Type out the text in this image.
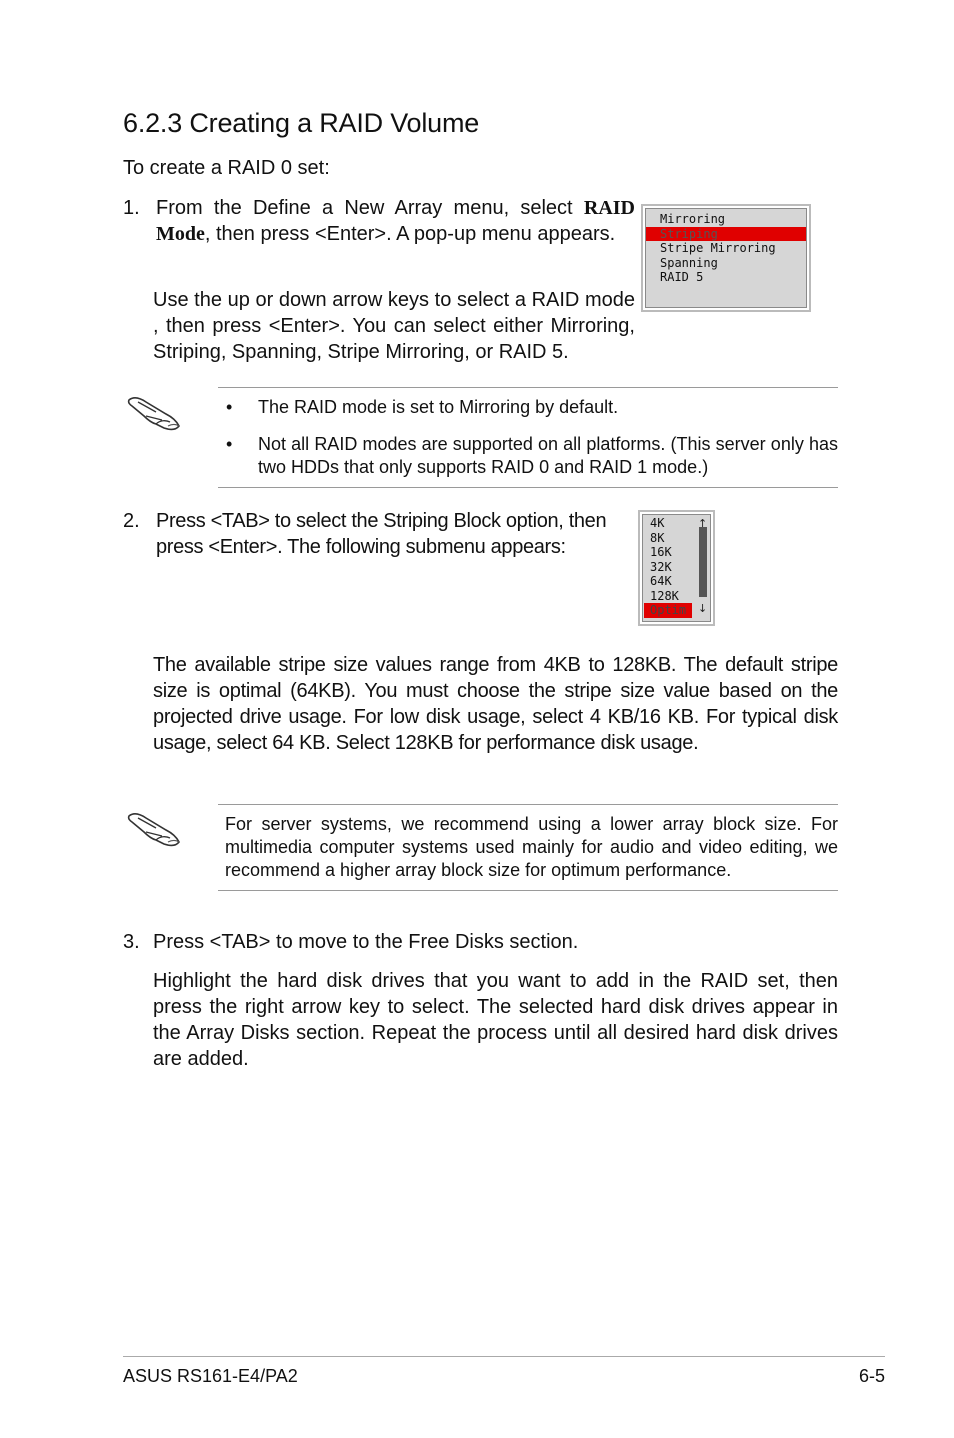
6.2.3 Creating a RAID Volume

To create a RAID 0 set:

1. From the Define a New Array menu, select RAID Mode, then press <Enter>. A pop-up menu appears.

Use the up or down arrow keys to select a RAID mode , then press <Enter>. You can select either Mirroring, Striping, Spanning, Stripe Mirroring, or RAID 5.

Mirroring
Striping
Stripe Mirroring
Spanning
RAID 5
• The RAID mode is set to Mirroring by default.
• Not all RAID modes are supported on all platforms. (This server only has two HDDs that only supports RAID 0 and RAID 1 mode.)
2. Press <TAB> to select the Striping Block option, then press <Enter>. The following submenu appears:

4K
8K
16K
32K
64K
128K
Optim
↑
↓

The available stripe size values range from 4KB to 128KB. The default stripe size is optimal (64KB). You must choose the stripe size value based on the projected drive usage. For low disk usage, select 4 KB/16 KB. For typical disk usage, select 64 KB. Select 128KB for performance disk usage.

For server systems, we recommend using a lower array block size. For multimedia computer systems used mainly for audio and video editing, we recommend a higher array block size for optimum performance.

3. Press <TAB> to move to the Free Disks section.

Highlight the hard disk drives that you want to add in the RAID set, then press the right arrow key to select. The selected hard disk drives appear in the Array Disks section. Repeat the process until all desired hard disk drives are added.

ASUS RS161-E4/PA2	6-5
